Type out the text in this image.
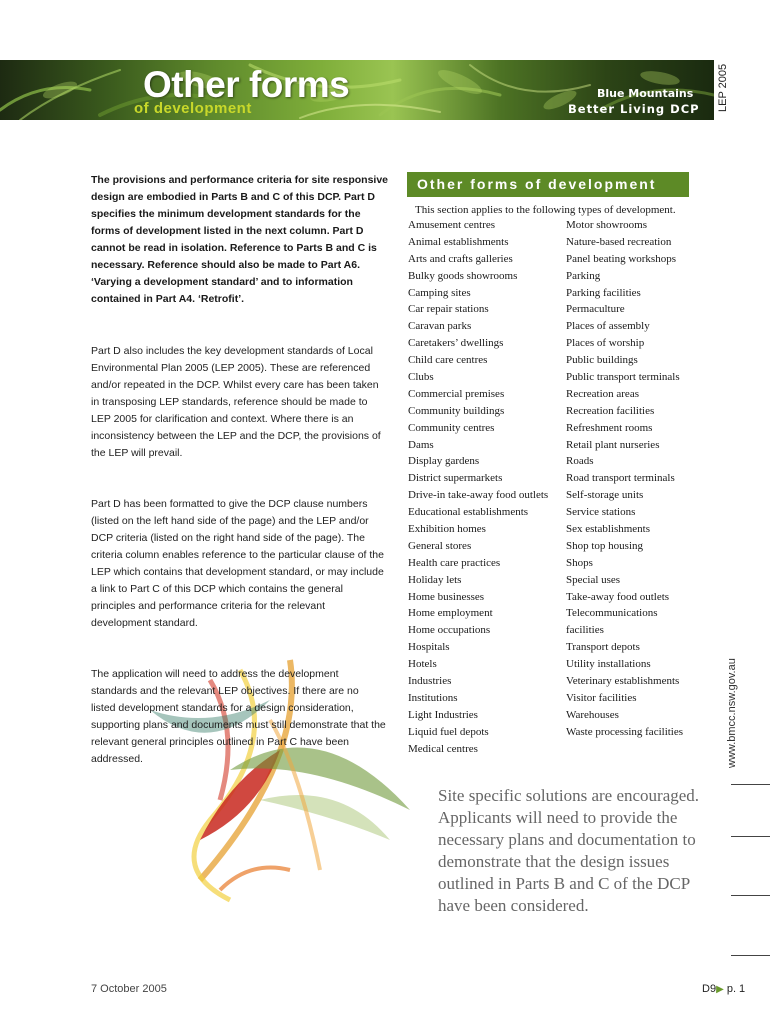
Other forms
of development
Blue Mountains
Better Living DCP LEP 2005

The provisions and performance criteria for site responsive design are embodied in Parts B and C of this DCP. Part D specifies the minimum development standards for the forms of development listed in the next column. Part D cannot be read in isolation. Reference to Parts B and C is necessary. Reference should also be made to Part A6. ‘Varying a development standard’ and to information contained in Part A4. ‘Retrofit’.

Part D also includes the key development standards of Local Environmental Plan 2005 (LEP 2005). These are referenced and/or repeated in the DCP. Whilst every care has been taken in transposing LEP standards, reference should be made to LEP 2005 for clarification and context. Where there is an inconsistency between the LEP and the DCP, the provisions of the LEP will prevail.

Part D has been formatted to give the DCP clause numbers (listed on the left hand side of the page) and the LEP and/or DCP criteria (listed on the right hand side of the page). The criteria column enables reference to the particular clause of the LEP which contains that development standard, or may include a link to Part C of this DCP which contains the general principles and performance criteria for the relevant development standard.

The application will need to address the development standards and the relevant LEP objectives. If there are no listed development standards for a design consideration, supporting plans and documents must still demonstrate that the relevant general principles outlined in Part C have been addressed.

Other forms of development
This section applies to the following types of development.
Amusement centres
Animal establishments
Arts and crafts galleries
Bulky goods showrooms
Camping sites
Car repair stations
Caravan parks
Caretakers’ dwellings
Child care centres
Clubs
Commercial premises
Community buildings
Community centres
Dams
Display gardens
District supermarkets
Drive-in take-away food outlets
Educational establishments
Exhibition homes
General stores
Health care practices
Holiday lets
Home businesses
Home employment
Home occupations
Hospitals
Hotels
Industries
Institutions
Light Industries
Liquid fuel depots
Medical centres
Motor showrooms
Nature-based recreation
Panel beating workshops
Parking
Parking facilities
Permaculture
Places of assembly
Places of worship
Public buildings
Public transport terminals
Recreation areas
Recreation facilities
Refreshment rooms
Retail plant nurseries
Roads
Road transport terminals
Self-storage units
Service stations
Sex establishments
Shop top housing
Shops
Special uses
Take-away food outlets
Telecommunications
facilities
Transport depots
Utility installations
Veterinary establishments
Visitor facilities
Warehouses
Waste processing facilities

Site specific solutions are encouraged. Applicants will need to provide the necessary plans and documentation to demonstrate that the design issues outlined in Parts B and C of the DCP have been considered.

www.bmcc.nsw.gov.au
7 October 2005	D9▶ p. 1
